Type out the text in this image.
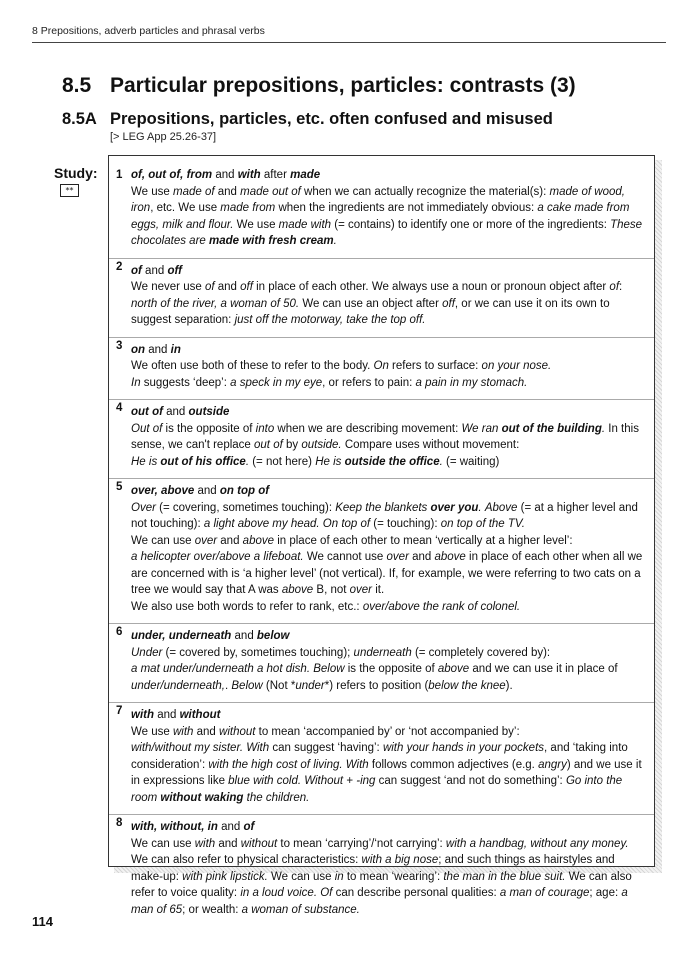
8 Prepositions, adverb particles and phrasal verbs
8.5 Particular prepositions, particles: contrasts (3)
8.5A Prepositions, particles, etc. often confused and misused
[> LEG App 25.26-37]
Study:
**
1 of, out of, from and with after made
We use made of and made out of when we can actually recognize the material(s): made of wood, iron, etc. We use made from when the ingredients are not immediately obvious: a cake made from eggs, milk and flour. We use made with (= contains) to identify one or more of the ingredients: These chocolates are made with fresh cream.
2 of and off
We never use of and off in place of each other. We always use a noun or pronoun object after of: north of the river, a woman of 50. We can use an object after off, or we can use it on its own to suggest separation: just off the motorway, take the top off.
3 on and in
We often use both of these to refer to the body. On refers to surface: on your nose.
In suggests ‘deep’: a speck in my eye, or refers to pain: a pain in my stomach.
4 out of and outside
Out of is the opposite of into when we are describing movement: We ran out of the building. In this sense, we can't replace out of by outside. Compare uses without movement:
He is out of his office. (= not here) He is outside the office. (= waiting)
5 over, above and on top of
Over (= covering, sometimes touching): Keep the blankets over you. Above (= at a higher level and not touching): a light above my head. On top of (= touching): on top of the TV.
We can use over and above in place of each other to mean ‘vertically at a higher level’:
a helicopter over/above a lifeboat. We cannot use over and above in place of each other when all we are concerned with is ‘a higher level’ (not vertical). If, for example, we were referring to two cats on a tree we would say that A was above B, not over it.
We also use both words to refer to rank, etc.: over/above the rank of colonel.
6 under, underneath and below
Under (= covered by, sometimes touching); underneath (= completely covered by):
a mat under/underneath a hot dish. Below is the opposite of above and we can use it in place of under/underneath,. Below (Not *under*) refers to position (below the knee).
7 with and without
We use with and without to mean ‘accompanied by’ or ‘not accompanied by’:
with/without my sister. With can suggest ‘having’: with your hands in your pockets, and ‘taking into consideration’: with the high cost of living. With follows common adjectives (e.g. angry) and we use it in expressions like blue with cold. Without + -ing can suggest ‘and not do something’: Go into the room without waking the children.
8 with, without, in and of
We can use with and without to mean ‘carrying’/‘not carrying’: with a handbag, without any money. We can also refer to physical characteristics: with a big nose; and such things as hairstyles and make-up: with pink lipstick. We can use in to mean ‘wearing’: the man in the blue suit. We can also refer to voice quality: in a loud voice. Of can describe personal qualities: a man of courage; age: a man of 65; or wealth: a woman of substance.
114
